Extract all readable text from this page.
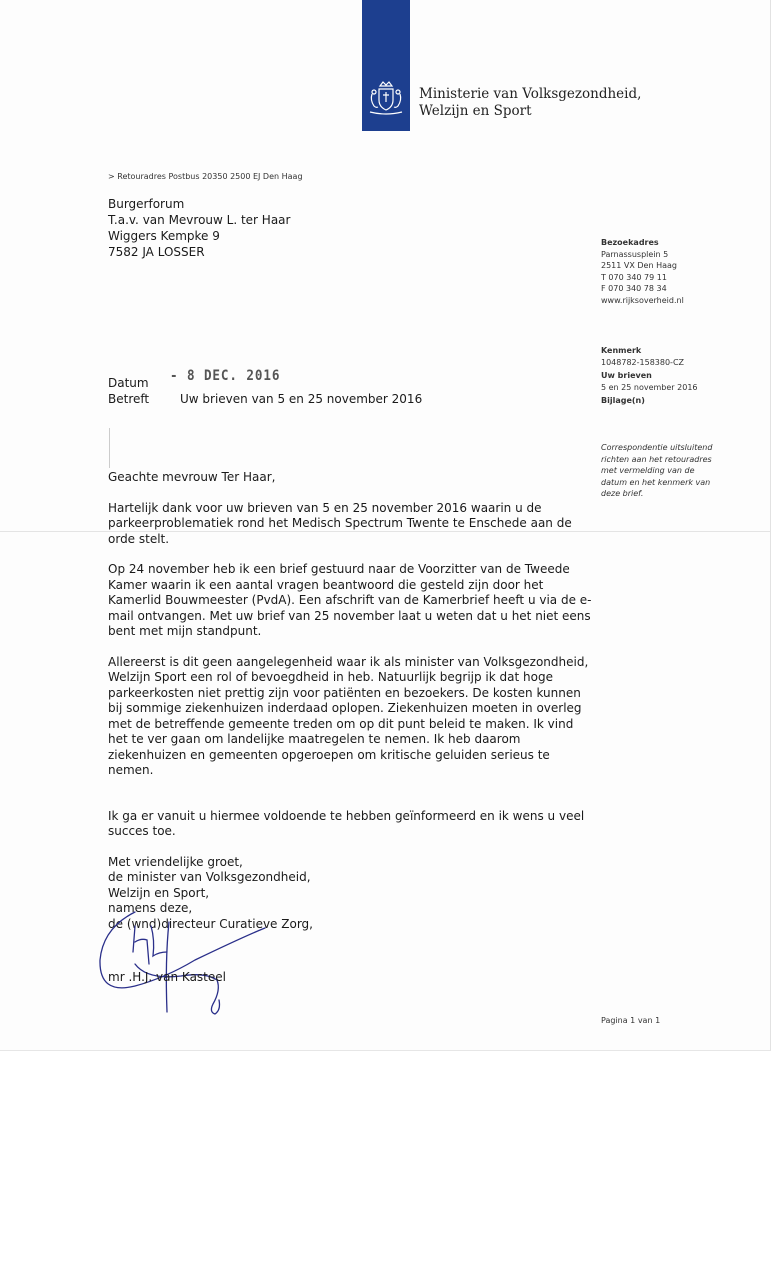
Ministerie van Volksgezondheid,
Welzijn en Sport
> Retouradres Postbus 20350 2500 EJ Den Haag
Burgerforum
T.a.v. van Mevrouw L. ter Haar
Wiggers Kempke 9
7582 JA LOSSER
Bezoekadres
Parnassusplein 5
2511 VX Den Haag
T 070 340 79 11
F 070 340 78 34
www.rijksoverheid.nl
Kenmerk
1048782-158380-CZ
Uw brieven
5 en 25 november 2016
Bijlage(n)
Correspondentie uitsluitend
richten aan het retouradres
met vermelding van de
datum en het kenmerk van
deze brief.
Datum - 8 DEC. 2016
Betreft	Uw brieven van 5 en 25 november 2016

Geachte mevrouw Ter Haar,

Hartelijk dank voor uw brieven van 5 en 25 november 2016 waarin u de parkeerproblematiek rond het Medisch Spectrum Twente te Enschede aan de orde stelt.

Op 24 november heb ik een brief gestuurd naar de Voorzitter van de Tweede Kamer waarin ik een aantal vragen beantwoord die gesteld zijn door het Kamerlid Bouwmeester (PvdA). Een afschrift van de Kamerbrief heeft u via de e-mail ontvangen. Met uw brief van 25 november laat u weten dat u het niet eens bent met mijn standpunt.

Allereerst is dit geen aangelegenheid waar ik als minister van Volksgezondheid, Welzijn Sport een rol of bevoegdheid in heb. Natuurlijk begrijp ik dat hoge parkeerkosten niet prettig zijn voor patiënten en bezoekers. De kosten kunnen bij sommige ziekenhuizen inderdaad oplopen. Ziekenhuizen moeten in overleg met de betreffende gemeente treden om op dit punt beleid te maken. Ik vind het te ver gaan om landelijke maatregelen te nemen. Ik heb daarom ziekenhuizen en gemeenten opgeroepen om kritische geluiden serieus te nemen.

Ik ga er vanuit u hiermee voldoende te hebben geïnformeerd en ik wens u veel succes toe.

Met vriendelijke groet,

de minister van Volksgezondheid,

Welzijn en Sport,

namens deze,

de (wnd)directeur Curatieve Zorg,

mr .H.J. van Kasteel
Pagina 1 van 1
